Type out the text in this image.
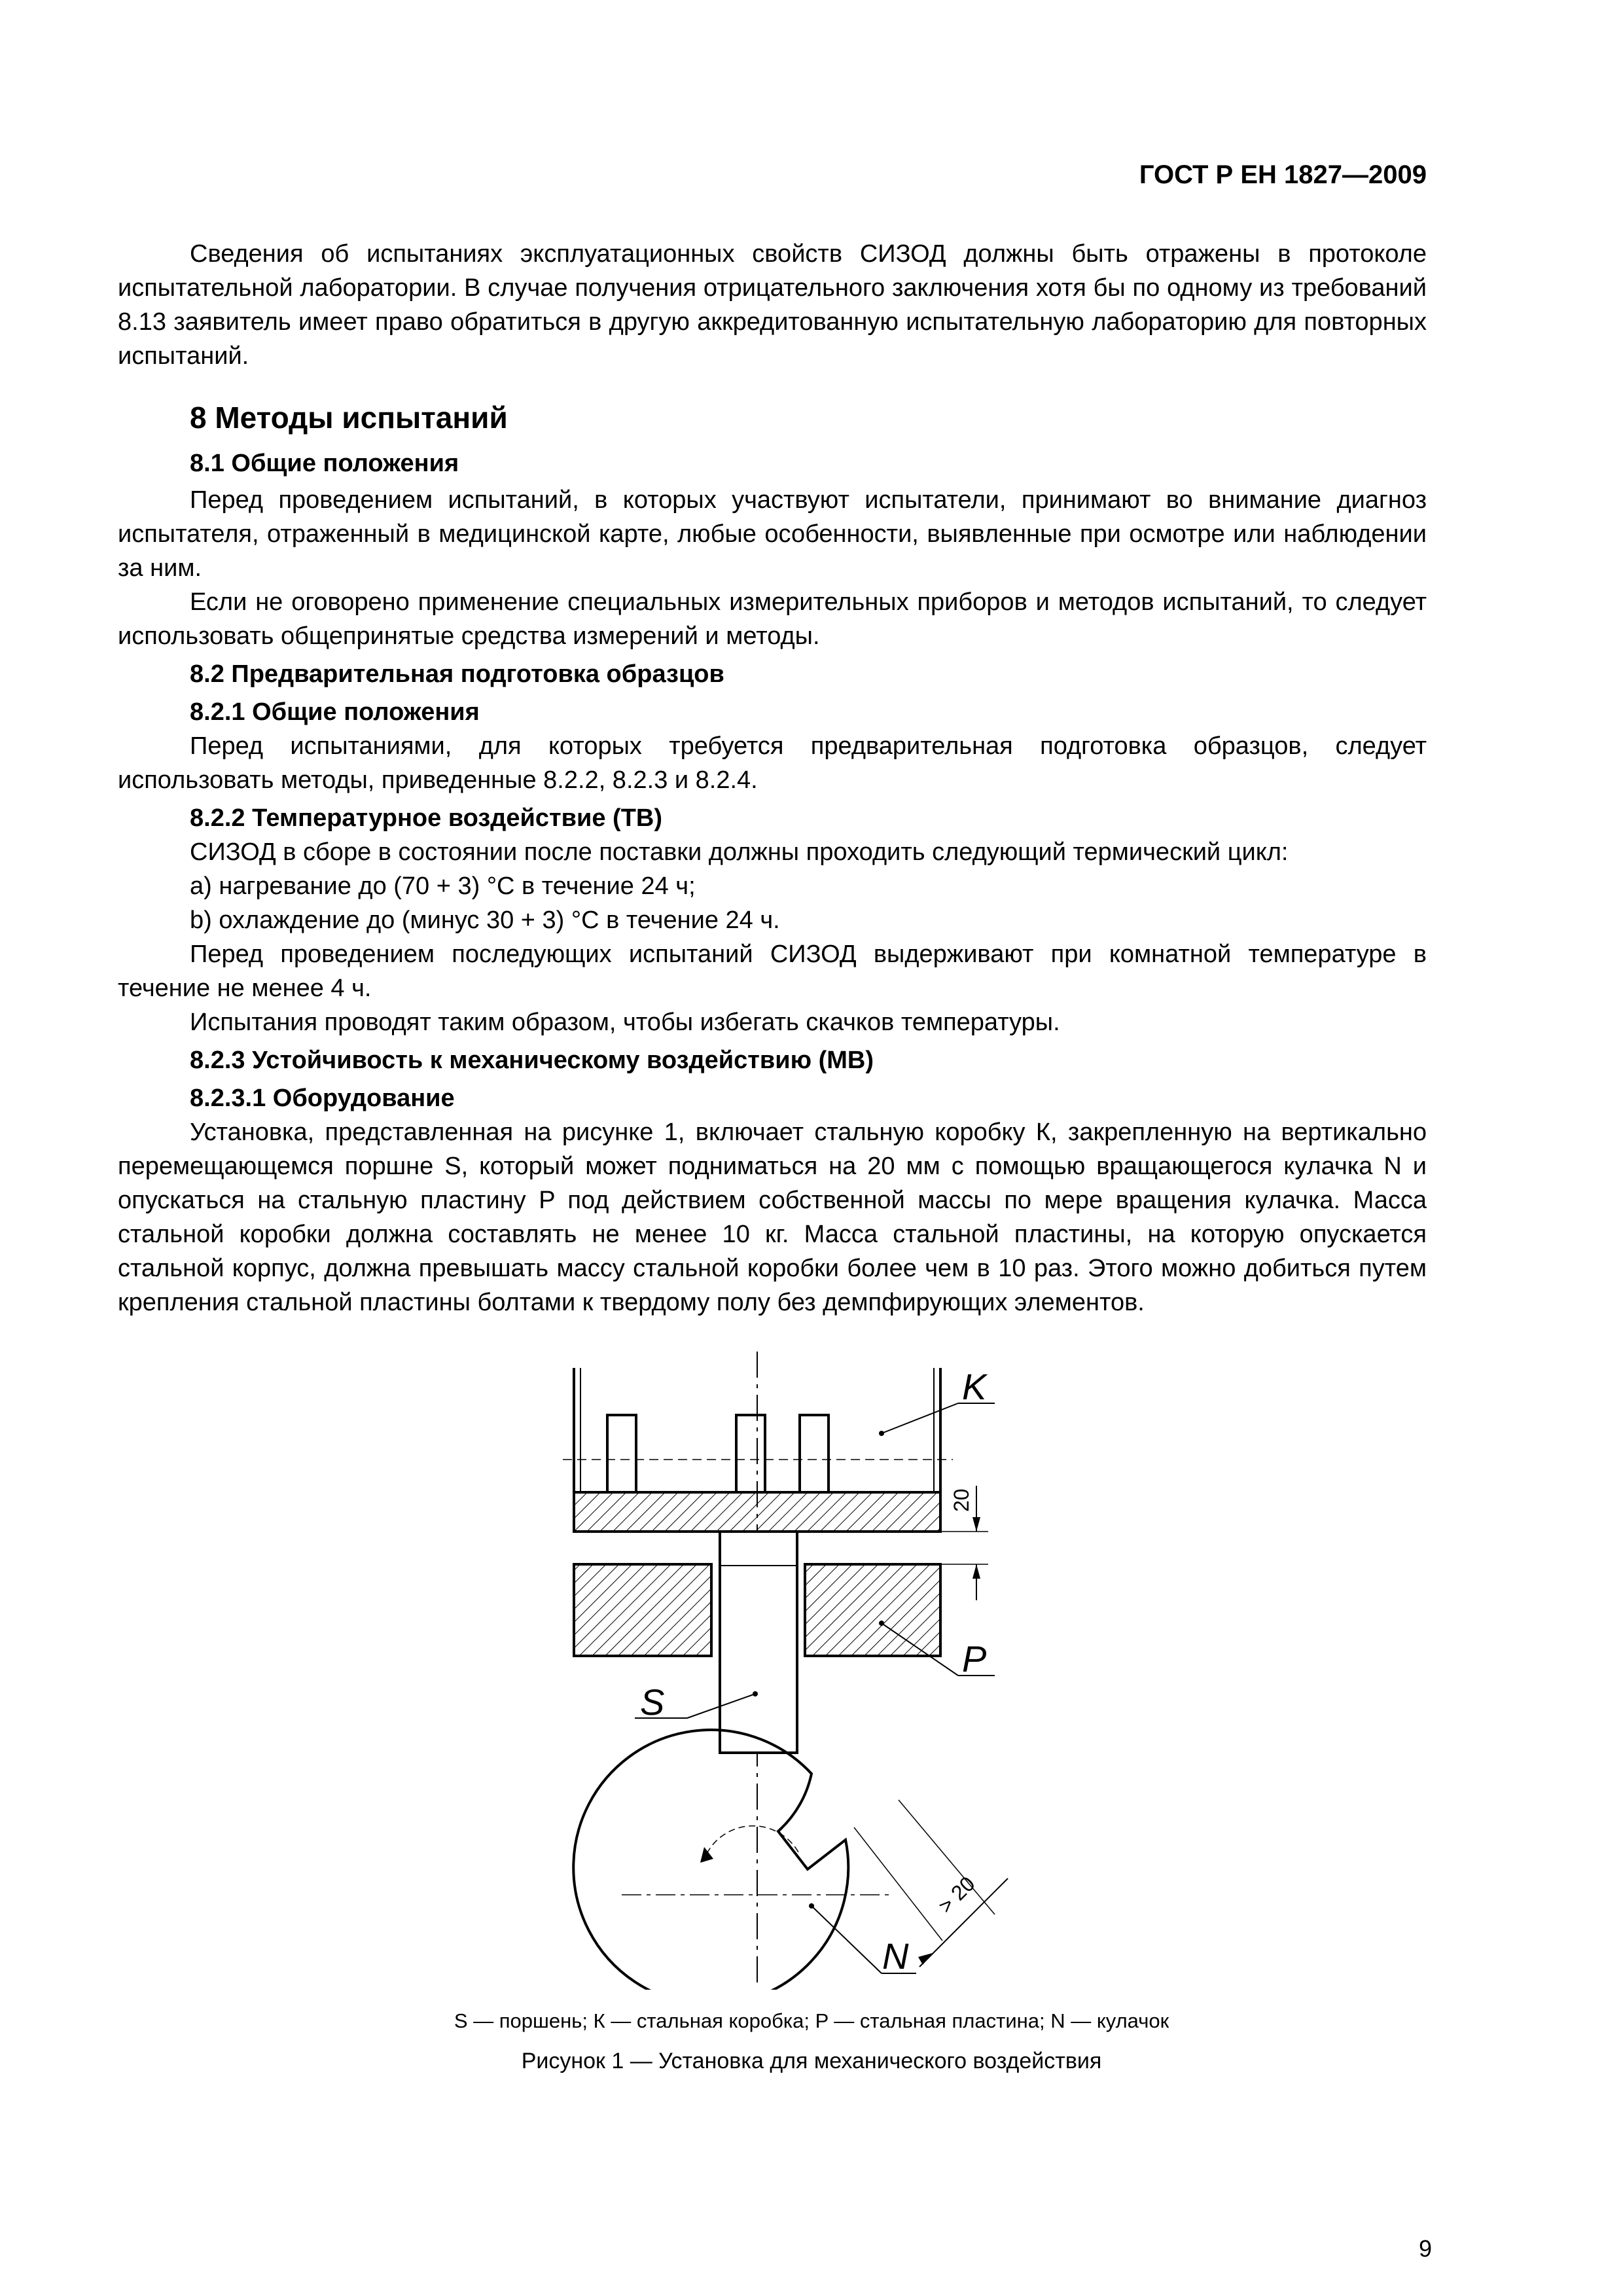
ГОСТ Р ЕН 1827—2009

Сведения об испытаниях эксплуатационных свойств СИЗОД должны быть отражены в протоколе испытательной лаборатории. В случае получения отрицательного заключения хотя бы по одному из требований 8.13 заявитель имеет право обратиться в другую аккредитованную испытательную лабораторию для повторных испытаний.

8 Методы испытаний
8.1 Общие положения

Перед проведением испытаний, в которых участвуют испытатели, принимают во внимание диагноз испытателя, отраженный в медицинской карте, любые особенности, выявленные при осмотре или наблюдении за ним.

Если не оговорено применение специальных измерительных приборов и методов испытаний, то следует использовать общепринятые средства измерений и методы.

8.2 Предварительная подготовка образцов
8.2.1 Общие положения

Перед испытаниями, для которых требуется предварительная подготовка образцов, следует использовать методы, приведенные 8.2.2, 8.2.3 и 8.2.4.

8.2.2 Температурное воздействие (ТВ)

СИЗОД в сборе в состоянии после поставки должны проходить следующий термический цикл:

a) нагревание до (70 + 3) °С в течение 24 ч;

b) охлаждение до (минус 30 + 3) °С в течение 24 ч.

Перед проведением последующих испытаний СИЗОД выдерживают при комнатной температуре в течение не менее 4 ч.

Испытания проводят таким образом, чтобы избегать скачков температуры.

8.2.3 Устойчивость к механическому воздействию (МВ)
8.2.3.1 Оборудование

Установка, представленная на рисунке 1, включает стальную коробку К, закрепленную на вертикально перемещающемся поршне S, который может подниматься на 20 мм с помощью вращающегося кулачка N и опускаться на стальную пластину P под действием собственной массы по мере вращения кулачка. Масса стальной коробки должна составлять не менее 10 кг. Масса стальной пластины, на которую опускается стальной корпус, должна превышать массу стальной коробки более чем в 10 раз. Этого можно добиться путем крепления стальной пластины болтами к твердому полу без демпфирующих элементов.

20
> 20
K
P
S
N
S — поршень; К — стальная коробка; P — стальная пластина; N — кулачок
Рисунок 1 — Установка для механического воздействия
9
